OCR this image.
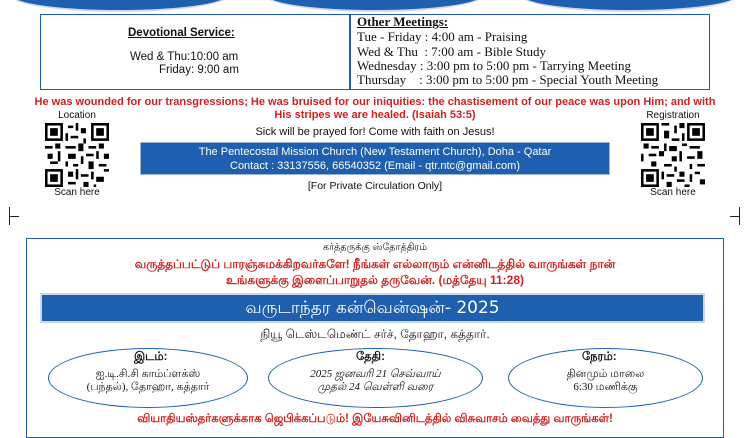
Devotional Service:
Wed & Thu:10:00 am
Friday: 9:00 am
Other Meetings:
Tue - Friday : 4:00 am - Praising
Wed & Thu  : 7:00 am - Bible Study
Wednesday : 3:00 pm to 5:00 pm - Tarrying Meeting
Thursday    : 3:00 pm to 5:00 pm - Special Youth Meeting
He was wounded for our transgressions; He was bruised for our iniquities: the chastisement of our peace was upon Him; and with His stripes we are healed. (Isaiah 53:5)
Location
Scan here
Registration
Scan here
Sick will be prayed for! Come with faith on Jesus!
The Pentecostal Mission Church (New Testament Church), Doha - Qatar
Contact : 33137556, 66540352 (Email - qtr.ntc@gmail.com)
[For Private Circulation Only]
கர்த்தருக்கு ஸ்தோத்திரம்
வருத்தப்பட்டுப் பாரஞ்சுமக்கிறவர்களே! நீங்கள் எல்லாரும் என்னிடத்தில் வாருங்கள் நான்
உங்களுக்கு இளைப்பாறுதல் தருவேன். (மத்தேயு 11:28)
வருடாந்தர கன்வென்ஷன்- 2025
நியூ டெஸ்டமெண்ட் சர்ச், தோஹா, கத்தார்.
ஐ.டி.சி.சி காம்ப்ளக்ஸ்
(பந்தல்), தோஹா, கத்தார்
இடம்:
2025 ஜனவரி 21 செவ்வாய்
முதல் 24 வெள்ளி வரை
தேதி:
தினமும் மாலை
6:30 மணிக்கு
நேரம்:
வியாதியஸ்தர்களுக்காக ஜெபிக்கப்படும்! இயேசுவினிடத்தில் விசுவாசம் வைத்து வாருங்கள்!
